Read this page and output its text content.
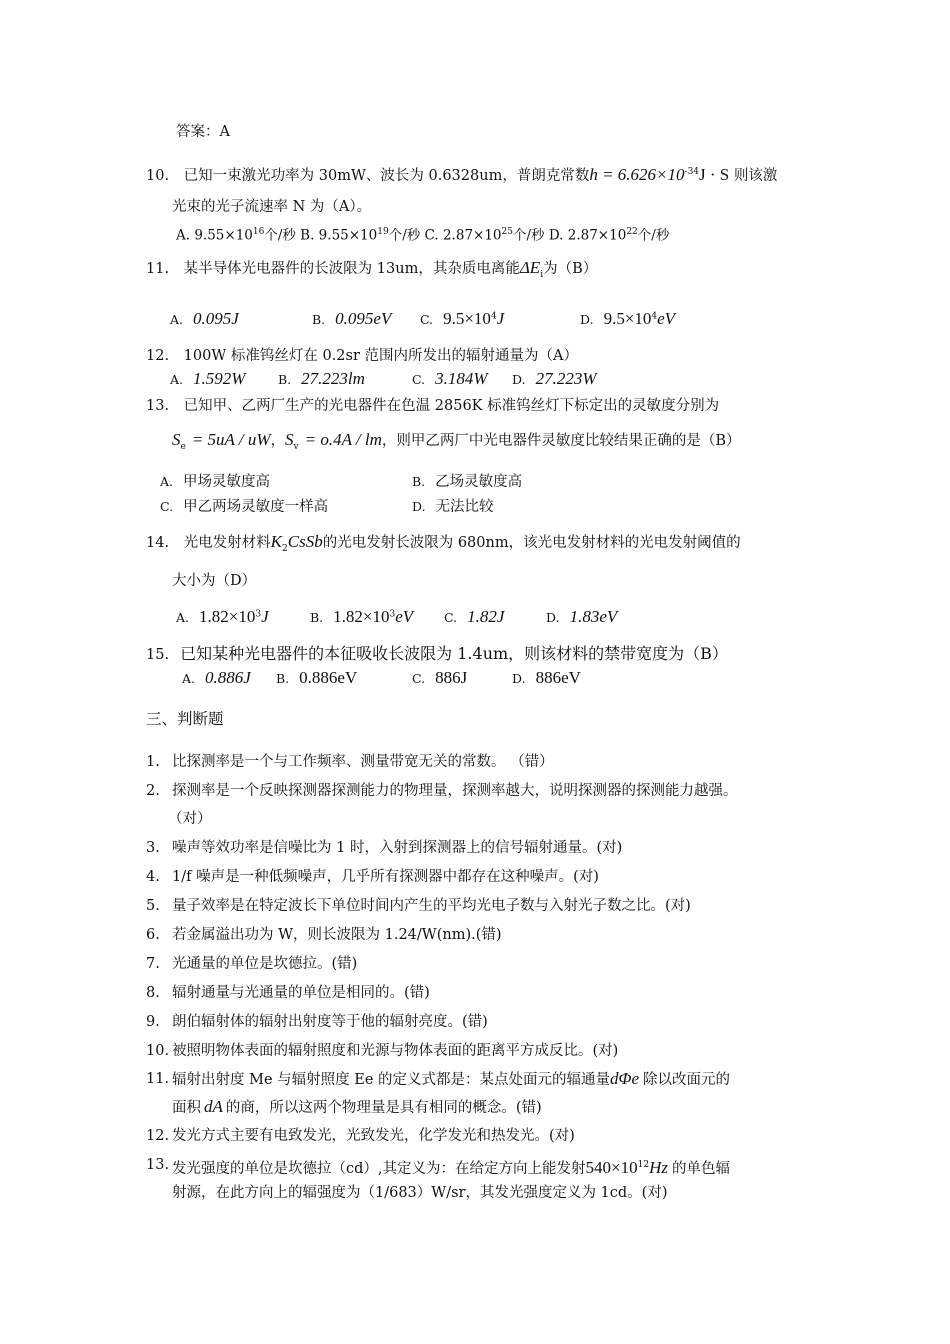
答案：A
10. 已知一束激光功率为 30mW、波长为 0.6328um，普朗克常数$h = 6.626\times 10^{-34}J \cdot S$ 则该激
光束的光子流速率 N 为（A）。
A. $9.55\times 10^{16}$个/秒 B. $9.55\times 10^{19}$个/秒 C. $2.87\times 10^{25}$个/秒 D. $2.87\times 10^{22}$个/秒
11. 某半导体光电器件的长波限为 13um，其杂质电离能$\Delta E_i$为（B）
A. 0.095J	B. 0.095eV C. $9.5\times 10^4J$	D. $9.5\times 10^4eV$
12. 100W 标准钨丝灯在 0.2sr 范围内所发出的辐射通量为（A）
A. 1.592W	B. 27.223lm	C. 3.184W D. 27.223W
13. 已知甲、乙两厂生产的光电器件在色温 2856K 标准钨丝灯下标定出的灵敏度分别为
$S_e = 5uA$ / uW，$S_v = o.4A$ / lm，则甲乙两厂中光电器件灵敏度比较结果正确的是（B）
A. 甲场灵敏度高	B. 乙场灵敏度高
C. 甲乙两场灵敏度一样高	D. 无法比较
14. 光电发射材料$K_2CsSb$的光电发射长波限为 680nm，该光电发射材料的光电发射阈值的
大小为（D）
A. $1.82\times 10^3J$	B. $1.82\times 10^3eV$ C. 1.82J	D. 1.83eV
15. 已知某种光电器件的本征吸收长波限为 1.4um，则该材料的禁带宽度为（B）
A. 0.886J B. 0.886eV	C. 886J	D. 886eV
三、判断题
1. 比探测率是一个与工作频率、测量带宽无关的常数。 （错）
2. 探测率是一个反映探测器探测能力的物理量，探测率越大，说明探测器的探测能力越强。
（对）
3. 噪声等效功率是信噪比为 1 时，入射到探测器上的信号辐射通量。(对)
4. 1/f 噪声是一种低频噪声，几乎所有探测器中都存在这种噪声。(对)
5. 量子效率是在特定波长下单位时间内产生的平均光电子数与入射光子数之比。(对)
6. 若金属溢出功为 W，则长波限为 1.24/W(nm).(错)
7. 光通量的单位是坎德拉。(错)
8. 辐射通量与光通量的单位是相同的。(错)
9. 朗伯辐射体的辐射出射度等于他的辐射亮度。(错)
10. 被照明物体表面的辐射照度和光源与物体表面的距离平方成反比。(对)
11. 辐射出射度 Me 与辐射照度 Ee 的定义式都是：某点处面元的辐通量dΦe 除以改面元的
面积 dA 的商，所以这两个物理量是具有相同的概念。(错)
12. 发光方式主要有电致发光，光致发光，化学发光和热发光。(对)
13. 发光强度的单位是坎德拉（cd）,其定义为：在给定方向上能发射$540\times 10^{12}Hz$ 的单色辐
射源，在此方向上的辐强度为（1/683）W/sr，其发光强度定义为 1cd。(对)
